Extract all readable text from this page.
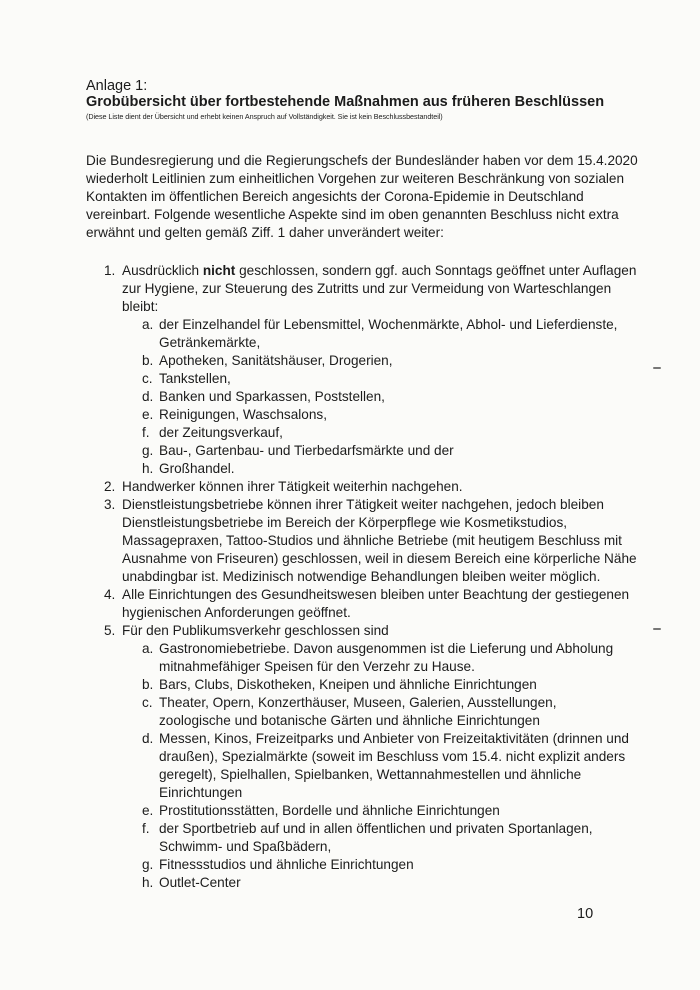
Anlage 1:
Grobübersicht über fortbestehende Maßnahmen aus früheren Beschlüssen
(Diese Liste dient der Übersicht und erhebt keinen Anspruch auf Vollständigkeit. Sie ist kein Beschlussbestandteil)
Die Bundesregierung und die Regierungschefs der Bundesländer haben vor dem 15.4.2020
wiederholt Leitlinien zum einheitlichen Vorgehen zur weiteren Beschränkung von sozialen
Kontakten im öffentlichen Bereich angesichts der Corona-Epidemie in Deutschland
vereinbart. Folgende wesentliche Aspekte sind im oben genannten Beschluss nicht extra
erwähnt und gelten gemäß Ziff. 1 daher unverändert weiter:
1. Ausdrücklich nicht geschlossen, sondern ggf. auch Sonntags geöffnet unter Auflagen
zur Hygiene, zur Steuerung des Zutritts und zur Vermeidung von Warteschlangen
bleibt:
a. der Einzelhandel für Lebensmittel, Wochenmärkte, Abhol- und Lieferdienste,
Getränkemärkte,
b. Apotheken, Sanitätshäuser, Drogerien,
c. Tankstellen,
d. Banken und Sparkassen, Poststellen,
e. Reinigungen, Waschsalons,
f. der Zeitungsverkauf,
g. Bau-, Gartenbau- und Tierbedarfsmärkte und der
h. Großhandel.
2. Handwerker können ihrer Tätigkeit weiterhin nachgehen.
3. Dienstleistungsbetriebe können ihrer Tätigkeit weiter nachgehen, jedoch bleiben
Dienstleistungsbetriebe im Bereich der Körperpflege wie Kosmetikstudios,
Massagepraxen, Tattoo-Studios und ähnliche Betriebe (mit heutigem Beschluss mit
Ausnahme von Friseuren) geschlossen, weil in diesem Bereich eine körperliche Nähe
unabdingbar ist. Medizinisch notwendige Behandlungen bleiben weiter möglich.
4. Alle Einrichtungen des Gesundheitswesen bleiben unter Beachtung der gestiegenen
hygienischen Anforderungen geöffnet.
5. Für den Publikumsverkehr geschlossen sind
a. Gastronomiebetriebe. Davon ausgenommen ist die Lieferung und Abholung
mitnahmefähiger Speisen für den Verzehr zu Hause.
b. Bars, Clubs, Diskotheken, Kneipen und ähnliche Einrichtungen
c. Theater, Opern, Konzerthäuser, Museen, Galerien, Ausstellungen,
zoologische und botanische Gärten und ähnliche Einrichtungen
d. Messen, Kinos, Freizeitparks und Anbieter von Freizeitaktivitäten (drinnen und
draußen), Spezialmärkte (soweit im Beschluss vom 15.4. nicht explizit anders
geregelt), Spielhallen, Spielbanken, Wettannahmestellen und ähnliche
Einrichtungen
e. Prostitutionsstätten, Bordelle und ähnliche Einrichtungen
f. der Sportbetrieb auf und in allen öffentlichen und privaten Sportanlagen,
Schwimm- und Spaßbädern,
g. Fitnessstudios und ähnliche Einrichtungen
h. Outlet-Center
10
